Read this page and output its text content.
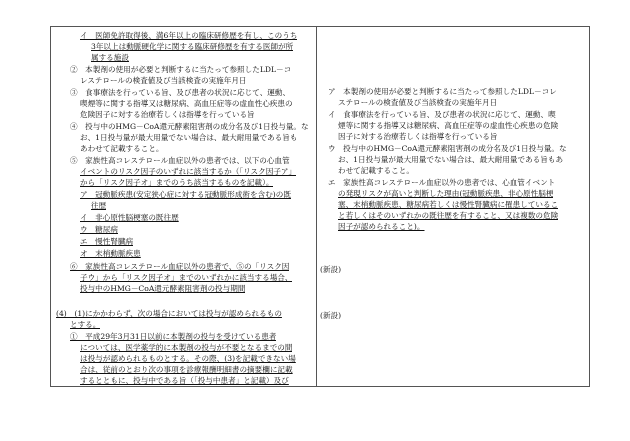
イ　医師免許取得後、満6年以上の臨床研修歴を有し、このうち
3年以上は動脈硬化学に関する臨床研修歴を有する医師が所
属する施設
②　本製剤の使用が必要と判断するに当たって参照したLDL－コ
レステロールの検査値及び当該検査の実施年月日
③　食事療法を行っている旨、及び患者の状況に応じて、運動、
喫煙等に関する指導又は糖尿病、高血圧症等の虚血性心疾患の
危険因子に対する治療若しくは指導を行っている旨
④　投与中のHMG－CoA還元酵素阻害剤の成分名及び1日投与量。な
お、1日投与量が最大用量でない場合は、最大耐用量である旨も
あわせて記載すること。
⑤　家族性高コレステロール血症以外の患者では、以下の心血管
イベントのリスク因子のいずれに該当するか（「リスク因子ア」
から「リスク因子オ」までのうち該当するものを記載）。
ア　冠動脈疾患(安定狭心症に対する冠動脈形成術を含む)の既
往歴
イ　非心原性脳梗塞の既往歴
ウ　糖尿病
エ　慢性腎臓病
オ　末梢動脈疾患
⑥　家族性高コレステロール血症以外の患者で、⑤の「リスク因
子ウ」から「リスク因子オ」までのいずれかに該当する場合、
投与中のHMG－CoA還元酵素阻害剤の投与期間
(4)　(1)にかかわらず、次の場合においては投与が認められるもの
とする。
①　平成29年3月31日以前に本製剤の投与を受けている患者
については、医学薬学的に本製剤の投与が不要となるまでの間
は投与が認められるものとする。その際、(3)を記載できない場
合は、従前のとおり次の事項を診療報酬明細書の摘要欄に記載
するとともに、投与中である旨（「投与中患者」と記載）及び
ア　本製剤の使用が必要と判断するに当たって参照したLDL－コレ
ステロールの検査値及び当該検査の実施年月日
イ　食事療法を行っている旨、及び患者の状況に応じて、運動、喫
煙等に関する指導又は糖尿病、高血圧症等の虚血性心疾患の危険
因子に対する治療若しくは指導を行っている旨
ウ　投与中のHMG－CoA還元酵素阻害剤の成分名及び1日投与量。な
お、1日投与量が最大用量でない場合は、最大耐用量である旨もあ
わせて記載すること。
エ　家族性高コレステロール血症以外の患者では、心血管イベント
の発現リスクが高いと判断した理由(冠動脈疾患、非心原性脳梗
塞、末梢動脈疾患、糖尿病若しくは慢性腎臓病に罹患しているこ
と若しくはそのいずれかの既往歴を有すること、又は複数の危険
因子が認められること)。
(新設)
(新設)
